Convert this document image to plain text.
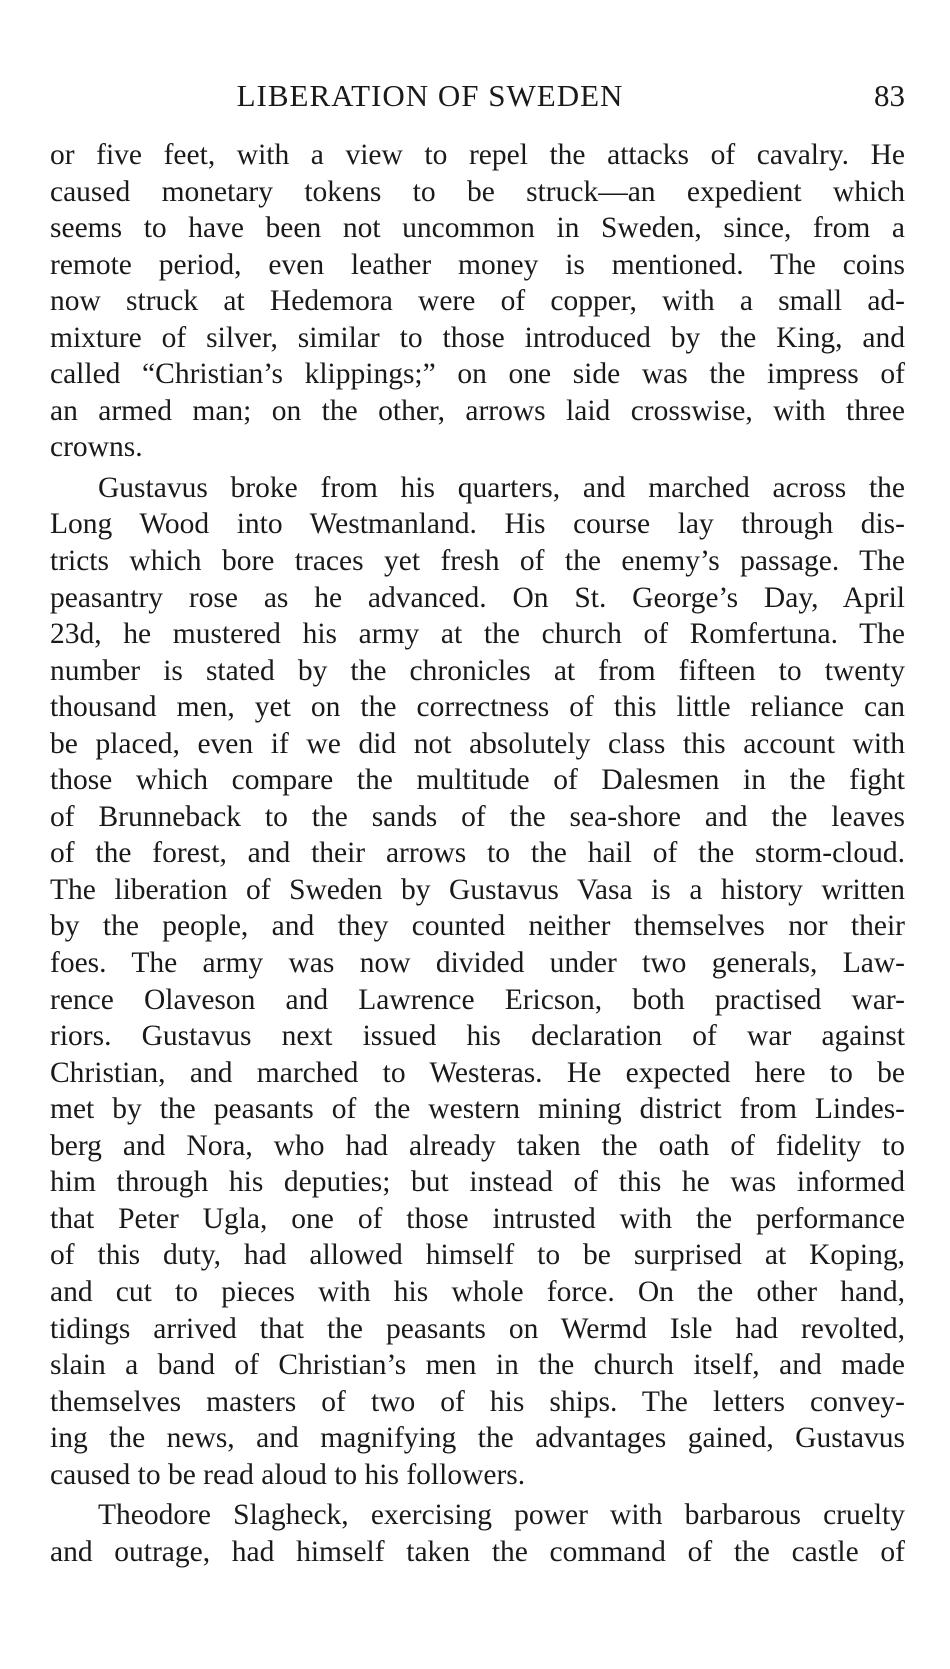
LIBERATION OF SWEDEN	83
or five feet, with a view to repel the attacks of cavalry. He
caused monetary tokens to be struck—an expedient which
seems to have been not uncommon in Sweden, since, from a
remote period, even leather money is mentioned. The coins
now struck at Hedemora were of copper, with a small ad-
mixture of silver, similar to those introduced by the King, and
called “Christian’s klippings;” on one side was the impress of
an armed man; on the other, arrows laid crosswise, with three
crowns.
Gustavus broke from his quarters, and marched across the
Long Wood into Westmanland. His course lay through dis-
tricts which bore traces yet fresh of the enemy’s passage. The
peasantry rose as he advanced. On St. George’s Day, April
23d, he mustered his army at the church of Romfertuna. The
number is stated by the chronicles at from fifteen to twenty
thousand men, yet on the correctness of this little reliance can
be placed, even if we did not absolutely class this account with
those which compare the multitude of Dalesmen in the fight
of Brunneback to the sands of the sea-shore and the leaves
of the forest, and their arrows to the hail of the storm-cloud.
The liberation of Sweden by Gustavus Vasa is a history written
by the people, and they counted neither themselves nor their
foes. The army was now divided under two generals, Law-
rence Olaveson and Lawrence Ericson, both practised war-
riors. Gustavus next issued his declaration of war against
Christian, and marched to Westeras. He expected here to be
met by the peasants of the western mining district from Lindes-
berg and Nora, who had already taken the oath of fidelity to
him through his deputies; but instead of this he was informed
that Peter Ugla, one of those intrusted with the performance
of this duty, had allowed himself to be surprised at Koping,
and cut to pieces with his whole force. On the other hand,
tidings arrived that the peasants on Wermd Isle had revolted,
slain a band of Christian’s men in the church itself, and made
themselves masters of two of his ships. The letters convey-
ing the news, and magnifying the advantages gained, Gustavus
caused to be read aloud to his followers.
Theodore Slagheck, exercising power with barbarous cruelty
and outrage, had himself taken the command of the castle of
